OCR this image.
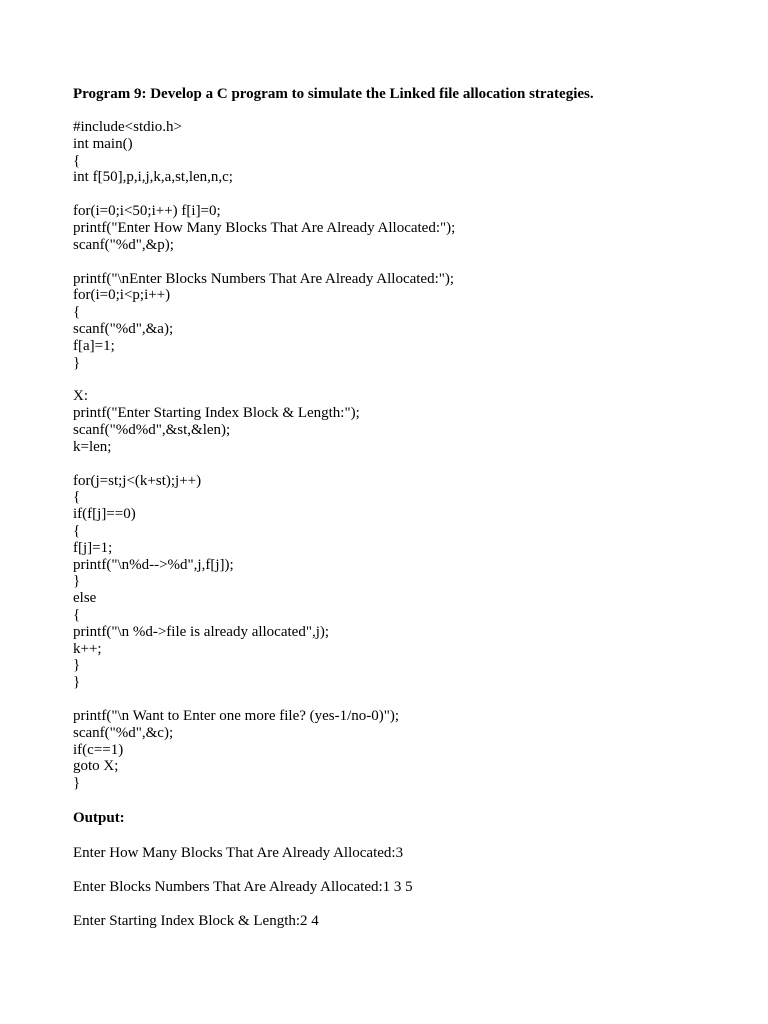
Program 9: Develop a C program to simulate the Linked file allocation strategies.
#include<stdio.h>
int main()
{
int f[50],p,i,j,k,a,st,len,n,c;
for(i=0;i<50;i++) f[i]=0;
printf("Enter How Many Blocks That Are Already Allocated:");
scanf("%d",&p);
printf("\nEnter Blocks Numbers That Are Already Allocated:");
for(i=0;i<p;i++)
{
scanf("%d",&a);
f[a]=1;
}
X:
printf("Enter Starting Index Block & Length:");
scanf("%d%d",&st,&len);
k=len;
for(j=st;j<(k+st);j++)
{
if(f[j]==0)
{
f[j]=1;
printf("\n%d-->%d",j,f[j]);
}
else
{
printf("\n %d->file is already allocated",j);
k++;
}
}
printf("\n Want to Enter one more file? (yes-1/no-0)");
scanf("%d",&c);
if(c==1)
goto X;
}
Output:
Enter How Many Blocks That Are Already Allocated:3
Enter Blocks Numbers That Are Already Allocated:1 3 5
Enter Starting Index Block & Length:2 4
